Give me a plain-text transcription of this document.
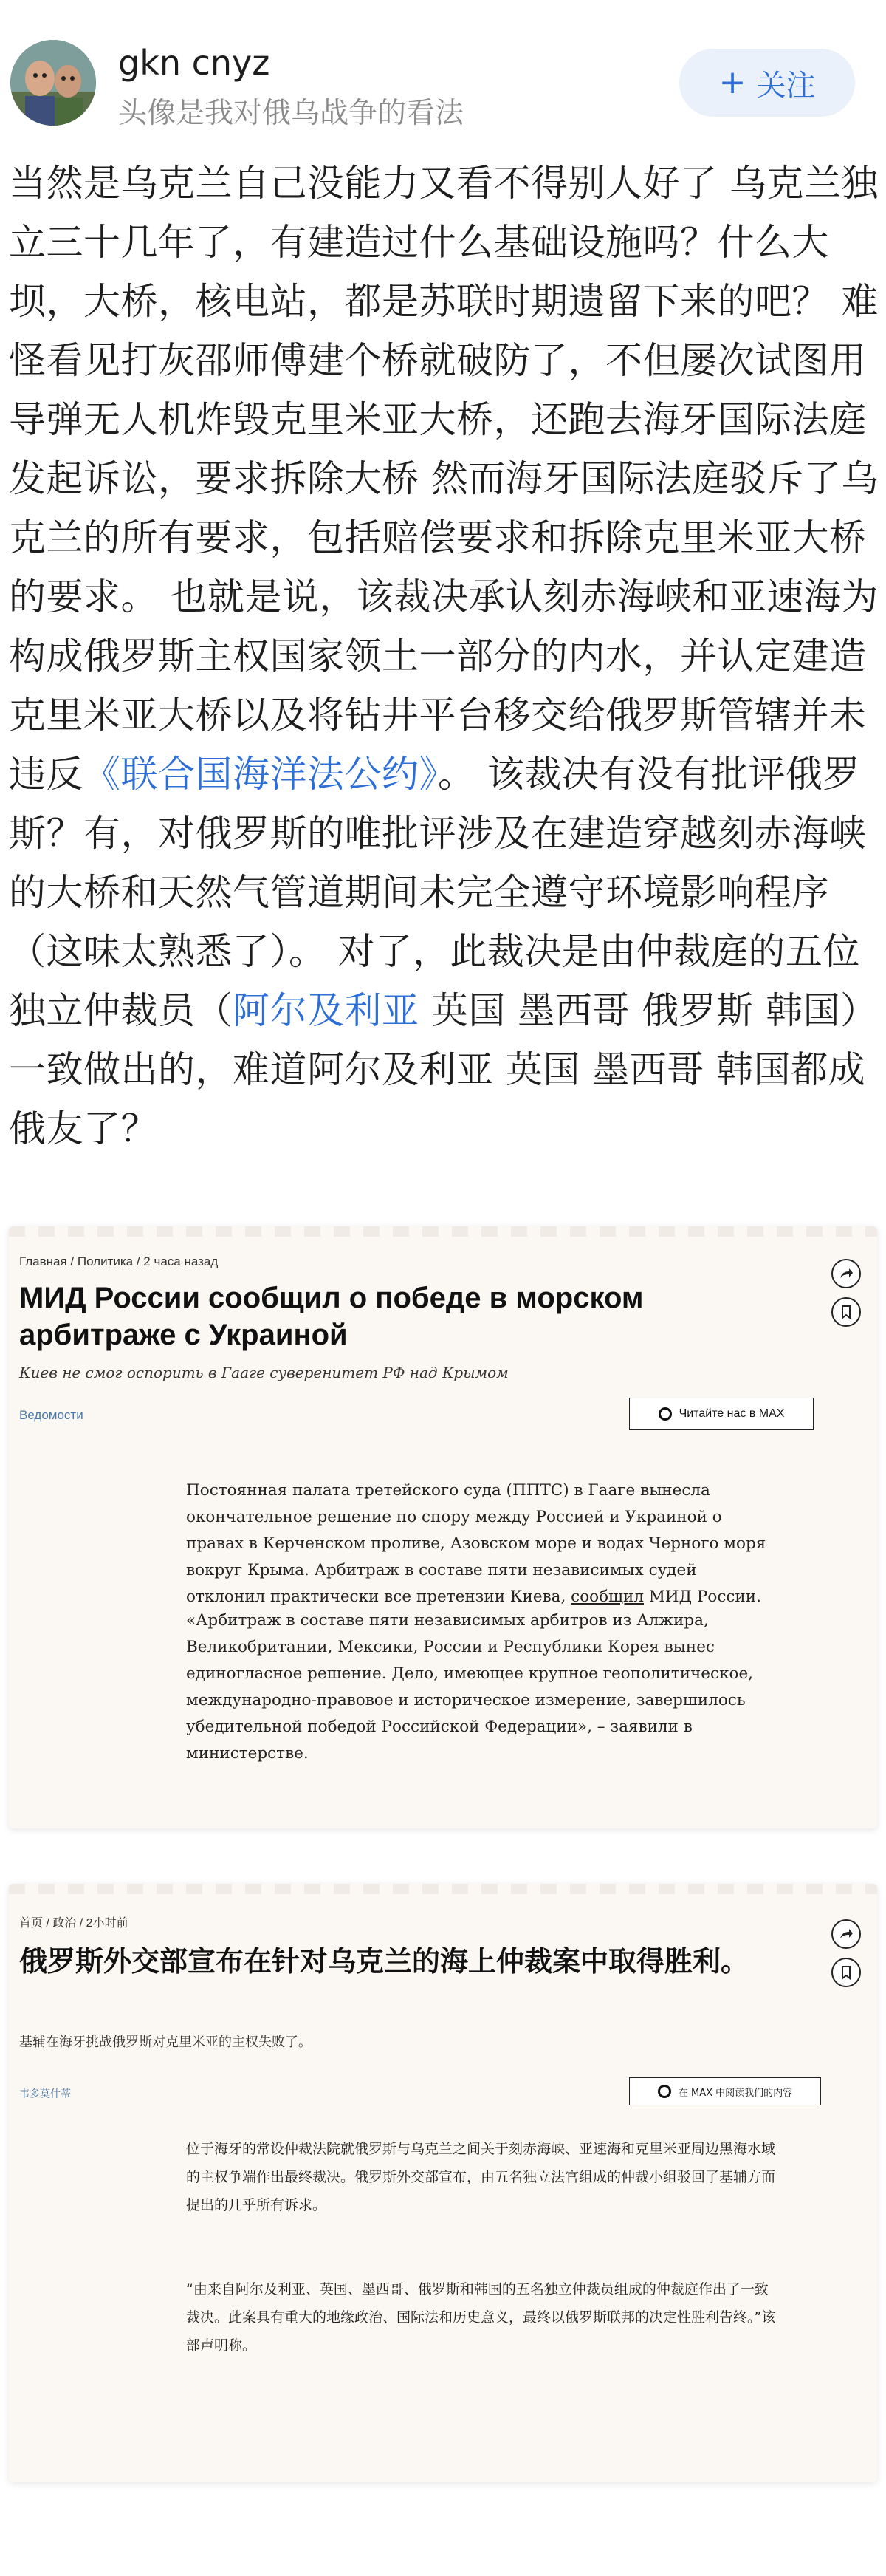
gkn cnyz
头像是我对俄乌战争的看法
+ 关注
当然是乌克兰自己没能力又看不得别人好了 乌克兰独立三十几年了，有建造过什么基础设施吗？什么大坝，大桥，核电站，都是苏联时期遗留下来的吧？ 难怪看见打灰邵师傅建个桥就破防了，不但屡次试图用导弹无人机炸毁克里米亚大桥，还跑去海牙国际法庭发起诉讼，要求拆除大桥 然而海牙国际法庭驳斥了乌克兰的所有要求，包括赔偿要求和拆除克里米亚大桥的要求。 也就是说，该裁决承认刻赤海峡和亚速海为构成俄罗斯主权国家领土一部分的内水，并认定建造克里米亚大桥以及将钻井平台移交给俄罗斯管辖并未违反《联合国海洋法公约》。 该裁决有没有批评俄罗斯？有，对俄罗斯的唯批评涉及在建造穿越刻赤海峡的大桥和天然气管道期间未完全遵守环境影响程序（这味太熟悉了）。 对了，此裁决是由仲裁庭的五位独立仲裁员（阿尔及利亚 英国 墨西哥 俄罗斯 韩国）一致做出的，难道阿尔及利亚 英国 墨西哥 韩国都成俄友了？
Главная / Политика / 2 часа назад
МИД России сообщил о победе в морском арбитраже с Украиной
Киев не смог оспорить в Гааге суверенитет РФ над Крымом
Ведомости	Читайте нас в MAX
Постоянная палата третейского суда (ППТС) в Гааге вынесла окончательное решение по спору между Россией и Украиной о правах в Керченском проливе, Азовском море и водах Черного моря вокруг Крыма. Арбитраж в составе пяти независимых судей отклонил практически все претензии Киева, сообщил МИД России.
«Арбитраж в составе пяти независимых арбитров из Алжира, Великобритании, Мексики, России и Республики Корея вынес единогласное решение. Дело, имеющее крупное геополитическое, международно-правовое и историческое измерение, завершилось убедительной победой Российской Федерации», – заявили в министерстве.
首页 / 政治 / 2小时前
俄罗斯外交部宣布在针对乌克兰的海上仲裁案中取得胜利。
基辅在海牙挑战俄罗斯对克里米亚的主权失败了。
韦多莫什蒂	在 MAX 中阅读我们的内容
位于海牙的常设仲裁法院就俄罗斯与乌克兰之间关于刻赤海峡、亚速海和克里米亚周边黑海水域的主权争端作出最终裁决。俄罗斯外交部宣布，由五名独立法官组成的仲裁小组驳回了基辅方面提出的几乎所有诉求。
“由来自阿尔及利亚、英国、墨西哥、俄罗斯和韩国的五名独立仲裁员组成的仲裁庭作出了一致裁决。此案具有重大的地缘政治、国际法和历史意义，最终以俄罗斯联邦的决定性胜利告终。”该部声明称。
